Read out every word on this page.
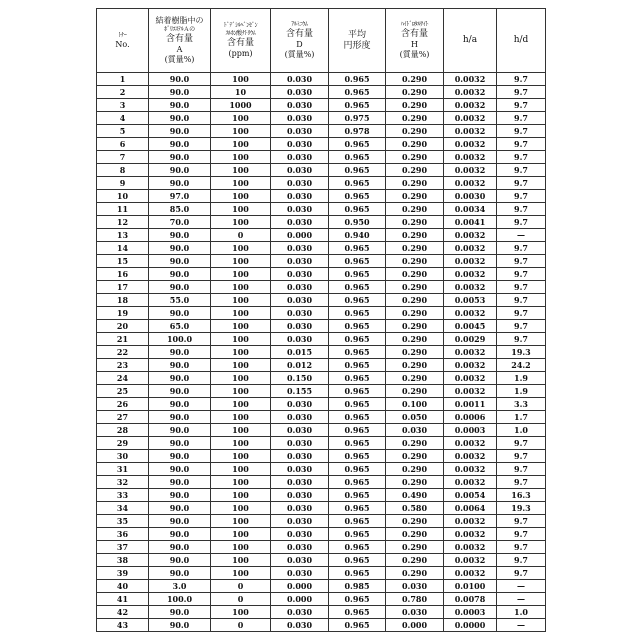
ﾄﾅｰ
No.

結着樹脂中の
ﾎﾟﾘｴｽﾃﾙＡの
含有量
A
(質量%)

ﾄﾞﾃﾞｼﾙﾍﾞﾝｾﾞﾝ
ｽﾙﾎﾝ酸ﾅﾄﾘｳﾑ
含有量
(ppm)

ｱﾙﾐﾆｳﾑ
含有量
D
(質量%)

平均
円形度

ﾊｲﾄﾞﾛﾀﾙｻｲﾄ
含有量
H
(質量%)

h/a	h/d

1	90.0	100	0.030	0.965	0.290	0.0032	9.7
2	90.0	10	0.030	0.965	0.290	0.0032	9.7
3	90.0	1000	0.030	0.965	0.290	0.0032	9.7
4	90.0	100	0.030	0.975	0.290	0.0032	9.7
5	90.0	100	0.030	0.978	0.290	0.0032	9.7
6	90.0	100	0.030	0.965	0.290	0.0032	9.7
7	90.0	100	0.030	0.965	0.290	0.0032	9.7
8	90.0	100	0.030	0.965	0.290	0.0032	9.7
9	90.0	100	0.030	0.965	0.290	0.0032	9.7
10	97.0	100	0.030	0.965	0.290	0.0030	9.7
11	85.0	100	0.030	0.965	0.290	0.0034	9.7
12	70.0	100	0.030	0.950	0.290	0.0041	9.7
13	90.0	0	0.000	0.940	0.290	0.0032	—
14	90.0	100	0.030	0.965	0.290	0.0032	9.7
15	90.0	100	0.030	0.965	0.290	0.0032	9.7
16	90.0	100	0.030	0.965	0.290	0.0032	9.7
17	90.0	100	0.030	0.965	0.290	0.0032	9.7
18	55.0	100	0.030	0.965	0.290	0.0053	9.7
19	90.0	100	0.030	0.965	0.290	0.0032	9.7
20	65.0	100	0.030	0.965	0.290	0.0045	9.7
21	100.0	100	0.030	0.965	0.290	0.0029	9.7
22	90.0	100	0.015	0.965	0.290	0.0032	19.3
23	90.0	100	0.012	0.965	0.290	0.0032	24.2
24	90.0	100	0.150	0.965	0.290	0.0032	1.9
25	90.0	100	0.155	0.965	0.290	0.0032	1.9
26	90.0	100	0.030	0.965	0.100	0.0011	3.3
27	90.0	100	0.030	0.965	0.050	0.0006	1.7
28	90.0	100	0.030	0.965	0.030	0.0003	1.0
29	90.0	100	0.030	0.965	0.290	0.0032	9.7
30	90.0	100	0.030	0.965	0.290	0.0032	9.7
31	90.0	100	0.030	0.965	0.290	0.0032	9.7
32	90.0	100	0.030	0.965	0.290	0.0032	9.7
33	90.0	100	0.030	0.965	0.490	0.0054	16.3
34	90.0	100	0.030	0.965	0.580	0.0064	19.3
35	90.0	100	0.030	0.965	0.290	0.0032	9.7
36	90.0	100	0.030	0.965	0.290	0.0032	9.7
37	90.0	100	0.030	0.965	0.290	0.0032	9.7
38	90.0	100	0.030	0.965	0.290	0.0032	9.7
39	90.0	100	0.030	0.965	0.290	0.0032	9.7
40	3.0	0	0.000	0.985	0.030	0.0100	—
41	100.0	0	0.000	0.965	0.780	0.0078	—
42	90.0	100	0.030	0.965	0.030	0.0003	1.0
43	90.0	0	0.030	0.965	0.000	0.0000	—
